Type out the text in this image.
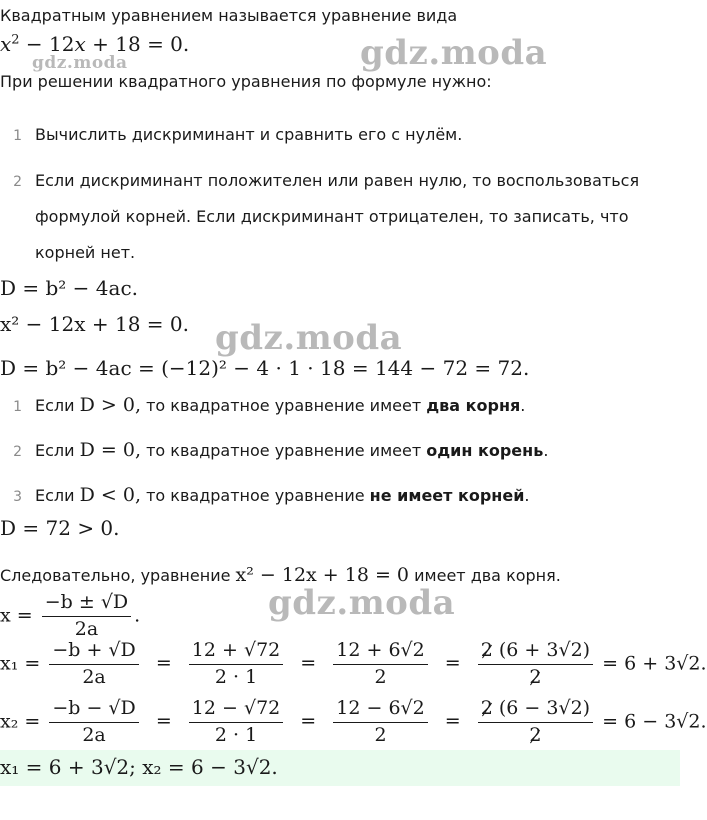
Квадратным уравнением называется уравнение вида
$x^2 - 12x + 18 = 0$.
При решении квадратного уравнения по формуле нужно:
gdz.moda	gdz.moda
gdz.moda
gdz.moda
1 Вычислить дискриминант и сравнить его с нулём.
2 Если дискриминант положителен или равен нулю, то воспользоваться
формулой корней. Если дискриминант отрицателен, то записать, что
корней нет.
D = b² − 4ac.
x² − 12x + 18 = 0.
D = b² − 4ac = (−12)² − 4 · 1 · 18 = 144 − 72 = 72.
1 Если D > 0, то квадратное уравнение имеет два корня.
2 Если D = 0, то квадратное уравнение имеет один корень.
3 Если D < 0, то квадратное уравнение не имеет корней.
D = 72 > 0.
Следовательно, уравнение x² − 12x + 18 = 0 имеет два корня.
$x = \frac{-b \pm √D}{2a}$ .
$x_1 = \frac{-b + √D}{2a} = \frac{12 + √72}{2 \cdot 1} = \frac{12 + 6√2}{2} = \frac{2 (6 + 3√2)}{2} = 6 + 3√2$.
$x_2 = \frac{-b - √D}{2a} = \frac{12 - √72}{2 \cdot 1} = \frac{12 - 6√2}{2} = \frac{2 (6 - 3√2)}{2} = 6 - 3√2$.
x₁ = 6 + 3√2; x₂ = 6 − 3√2.
